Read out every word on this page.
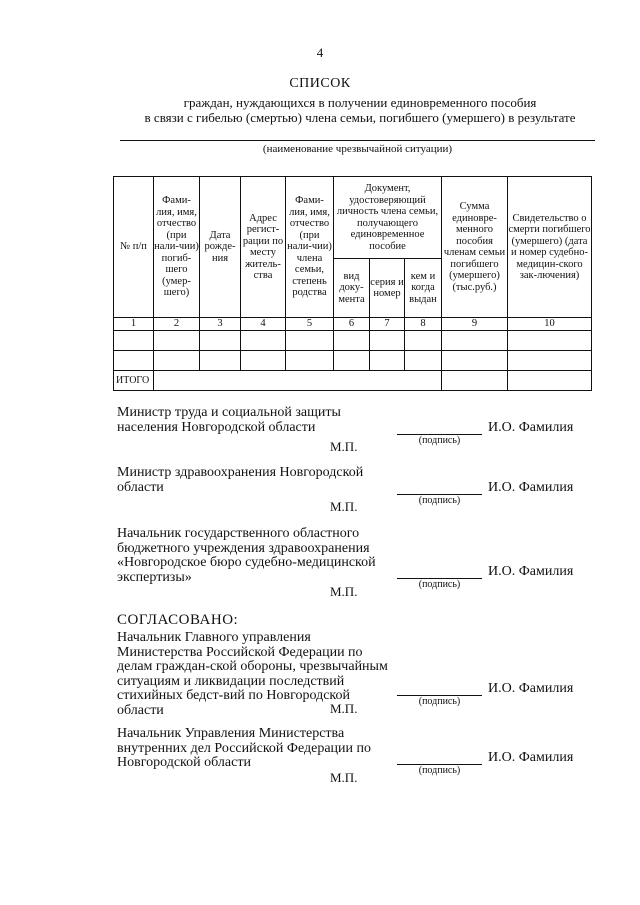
4
СПИСОК
граждан, нуждающихся в получении единовременного пособия
в связи с гибелью (смертью) члена семьи, погибшего (умершего) в результате
(наименование чрезвычайной ситуации)
№ п/п	Фами-лия, имя, отчество (при нали-чии) погиб-шего (умер-шего)	Дата рожде-ния	Адрес регист-рации по месту житель-ства	Фами-лия, имя, отчество (при нали-чии) члена семьи, степень родства	Документ, удостоверяющий личность члена семьи, получающего единовременное пособие			Сумма единовре-менного пособия членам семьи погибшего (умершего) (тыс.руб.)	Свидетельство о смерти погибшего (умершего) (дата и номер судебно-медицин-ского зак-лючения)
					вид доку-мента	серия и номер	кем и когда выдан		
1	2	3	4	5	6	7	8	9	10

ИТОГО									
Министр труда и социальной защиты населения Новгородской области
(подпись)
И.О. Фамилия
М.П.
Министр здравоохранения Новгородской области
(подпись)
И.О. Фамилия
М.П.
Начальник государственного областного бюджетного учреждения здравоохранения «Новгородское бюро судебно-медицинской экспертизы»	(подпись)
И.О. Фамилия
М.П.
СОГЛАСОВАНО:
Начальник Главного управления Министерства Российской Федерации по делам граждан-ской обороны, чрезвычайным ситуациям и ликвидации последствий стихийных бедст-вий по Новгородской области
(подпись)
И.О. Фамилия
М.П.
Начальник Управления Министерства внутренних дел Российской Федерации по Новгородской области
(подпись)
И.О. Фамилия
М.П.
